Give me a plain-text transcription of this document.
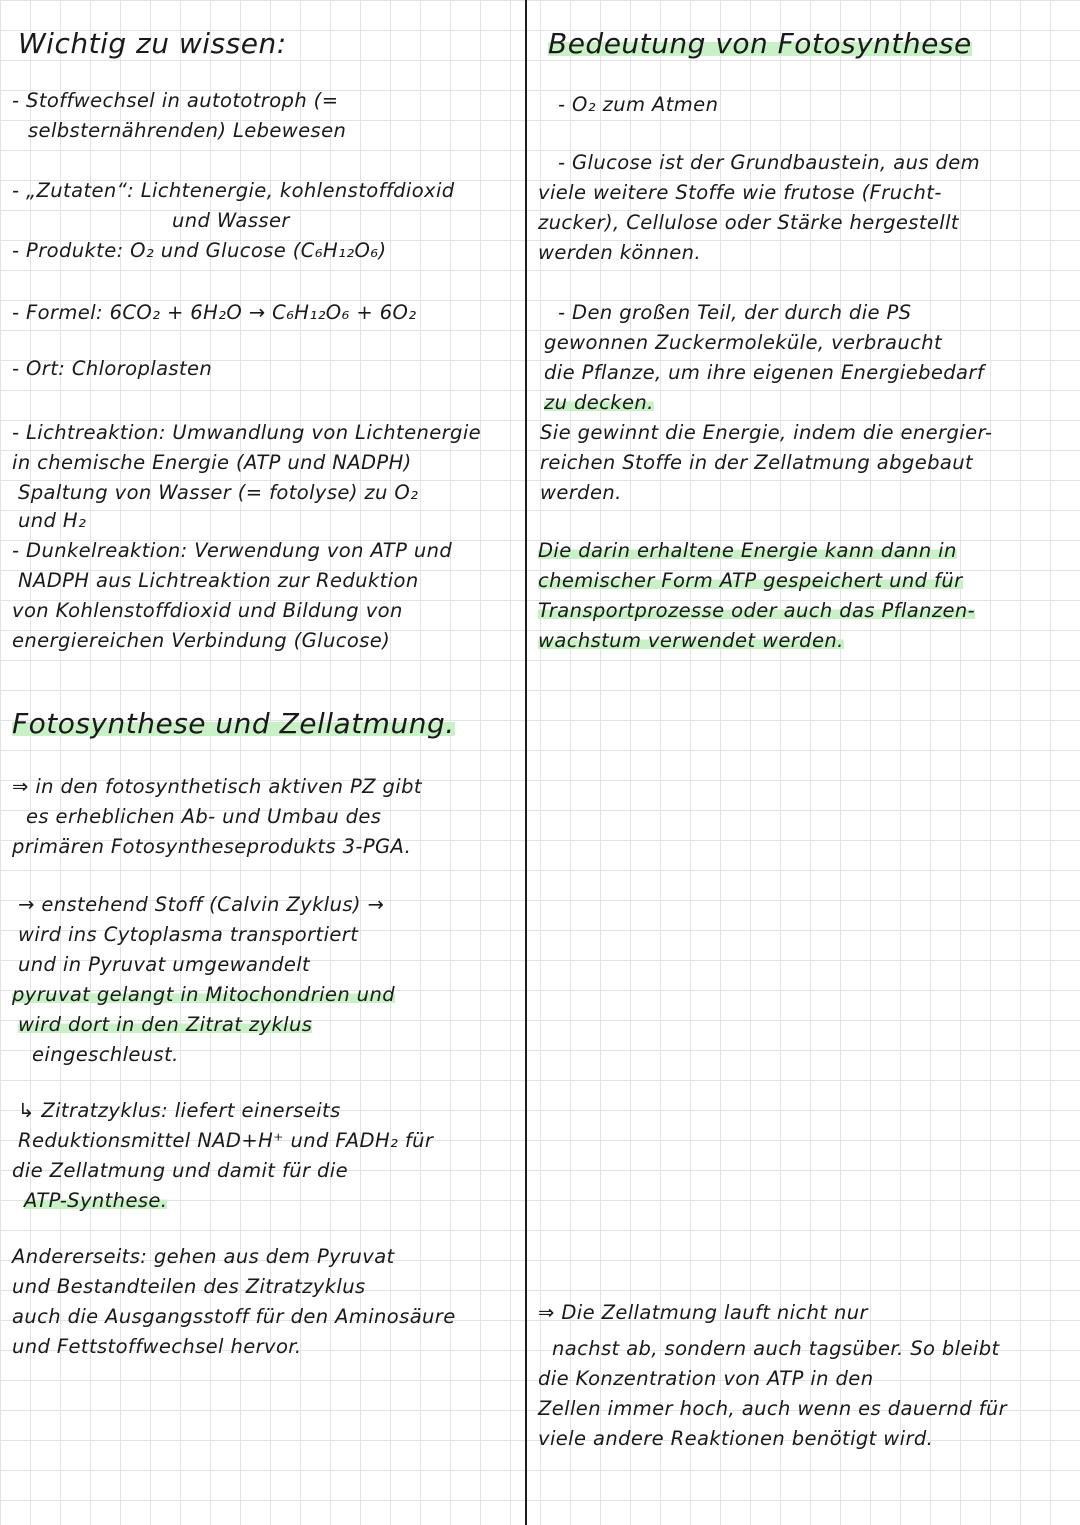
Wichtig zu wissen:

- Stoffwechsel in autototroph (=

selbsternährenden) Lebewesen

- „Zutaten“: Lichtenergie, kohlenstoffdioxid

und Wasser

- Produkte: O₂ und Glucose (C₆H₁₂O₆)

- Formel: 6CO₂ + 6H₂O → C₆H₁₂O₆ + 6O₂

- Ort: Chloroplasten

- Lichtreaktion: Umwandlung von Lichtenergie

in chemische Energie (ATP und NADPH)

Spaltung von Wasser (= fotolyse) zu O₂

und H₂

- Dunkelreaktion: Verwendung von ATP und

NADPH aus Lichtreaktion zur Reduktion

von Kohlenstoffdioxid und Bildung von

energiereichen Verbindung (Glucose)

Fotosynthese und Zellatmung.

⇒ in den fotosynthetisch aktiven PZ gibt

es erheblichen Ab- und Umbau des

primären Fotosyntheseprodukts 3-PGA.

→ enstehend Stoff (Calvin Zyklus) →

wird ins Cytoplasma transportiert

und in Pyruvat umgewandelt

pyruvat gelangt in Mitochondrien und

wird dort in den Zitrat zyklus

eingeschleust.

↳ Zitratzyklus: liefert einerseits

Reduktionsmittel NAD+H⁺ und FADH₂ für

die Zellatmung und damit für die

ATP-Synthese.

Andererseits: gehen aus dem Pyruvat

und Bestandteilen des Zitratzyklus

auch die Ausgangsstoff für den Aminosäure

und Fettstoffwechsel hervor.

Bedeutung von Fotosynthese

- O₂ zum Atmen

- Glucose ist der Grundbaustein, aus dem

viele weitere Stoffe wie frutose (Frucht-

zucker), Cellulose oder Stärke hergestellt

werden können.

- Den großen Teil, der durch die PS

gewonnen Zuckermoleküle, verbraucht

die Pflanze, um ihre eigenen Energiebedarf

zu decken.

Sie gewinnt die Energie, indem die energier-

reichen Stoffe in der Zellatmung abgebaut

werden.

Die darin erhaltene Energie kann dann in

chemischer Form ATP gespeichert und für

Transportprozesse oder auch das Pflanzen-

wachstum verwendet werden.

⇒ Die Zellatmung lauft nicht nur

nachst ab, sondern auch tagsüber. So bleibt

die Konzentration von ATP in den

Zellen immer hoch, auch wenn es dauernd für

viele andere Reaktionen benötigt wird.
